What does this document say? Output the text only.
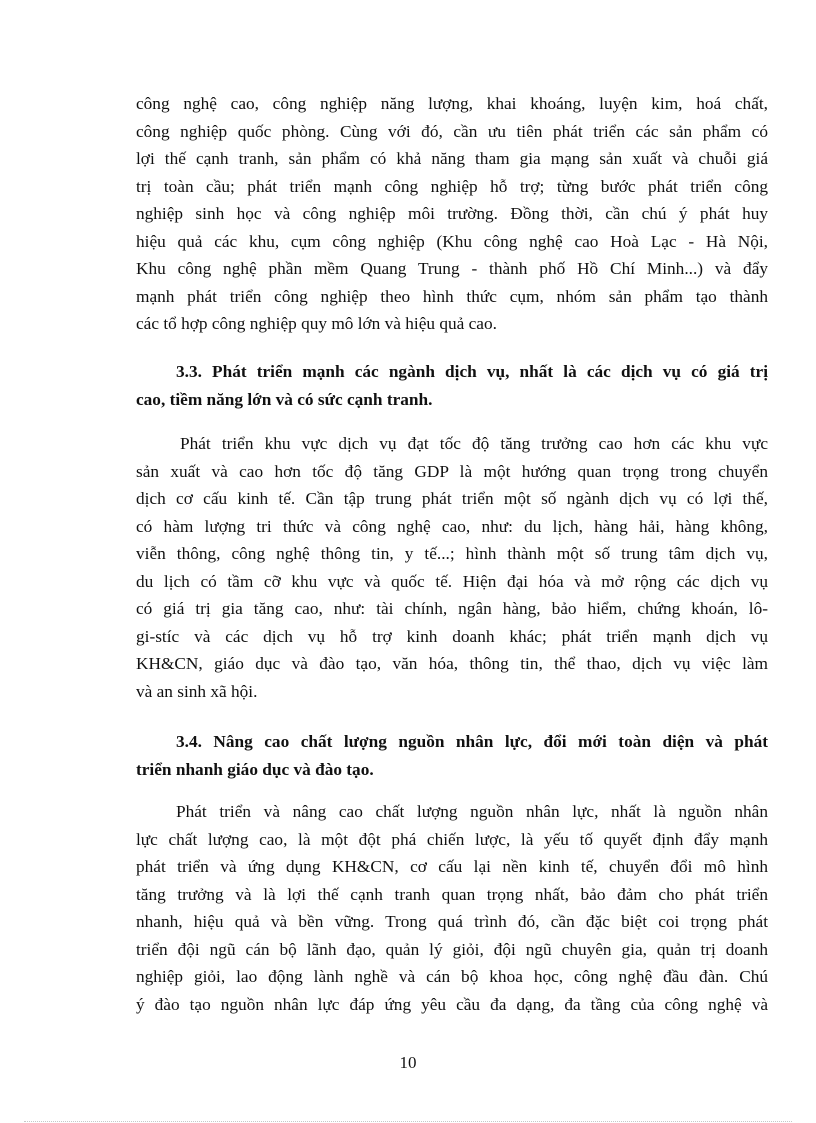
công nghệ cao, công nghiệp năng lượng, khai khoáng, luyện kim, hoá chất,
công nghiệp quốc phòng. Cùng với đó, cần ưu tiên phát triển các sản phẩm có
lợi thế cạnh tranh, sản phẩm có khả năng tham gia mạng sản xuất và chuỗi giá
trị toàn cầu; phát triển mạnh công nghiệp hỗ trợ; từng bước phát triển công
nghiệp sinh học và công nghiệp môi trường. Đồng thời, cần chú ý phát huy
hiệu quả các khu, cụm công nghiệp (Khu công nghệ cao Hoà Lạc - Hà Nội,
Khu công nghệ phần mềm Quang Trung - thành phố Hồ Chí Minh...) và đẩy
mạnh phát triển công nghiệp theo hình thức cụm, nhóm sản phẩm tạo thành
các tổ hợp công nghiệp quy mô lớn và hiệu quả cao.
3.3. Phát triển mạnh các ngành dịch vụ, nhất là các dịch vụ có giá trị
cao, tiềm năng lớn và có sức cạnh tranh.
Phát triển khu vực dịch vụ đạt tốc độ tăng trưởng cao hơn các khu vực
sản xuất và cao hơn tốc độ tăng GDP là một hướng quan trọng trong chuyển
dịch cơ cấu kinh tế. Cần tập trung phát triển một số ngành dịch vụ có lợi thế,
có hàm lượng tri thức và công nghệ cao, như: du lịch, hàng hải, hàng không,
viễn thông, công nghệ thông tin, y tế...; hình thành một số trung tâm dịch vụ,
du lịch có tầm cỡ khu vực và quốc tế. Hiện đại hóa và mở rộng các dịch vụ
có giá trị gia tăng cao, như: tài chính, ngân hàng, bảo hiểm, chứng khoán, lô-
gi-stíc và các dịch vụ hỗ trợ kinh doanh khác; phát triển mạnh dịch vụ
KH&CN, giáo dục và đào tạo, văn hóa, thông tin, thể thao, dịch vụ việc làm
và an sinh xã hội.
3.4. Nâng cao chất lượng nguồn nhân lực, đổi mới toàn diện và phát
triển nhanh giáo dục và đào tạo.
Phát triển và nâng cao chất lượng nguồn nhân lực, nhất là nguồn nhân
lực chất lượng cao, là một đột phá chiến lược, là yếu tố quyết định đẩy mạnh
phát triển và ứng dụng KH&CN, cơ cấu lại nền kinh tế, chuyển đổi mô hình
tăng trưởng và là lợi thế cạnh tranh quan trọng nhất, bảo đảm cho phát triển
nhanh, hiệu quả và bền vững. Trong quá trình đó, cần đặc biệt coi trọng phát
triển đội ngũ cán bộ lãnh đạo, quản lý giỏi, đội ngũ chuyên gia, quản trị doanh
nghiệp giỏi, lao động lành nghề và cán bộ khoa học, công nghệ đầu đàn. Chú
ý đào tạo nguồn nhân lực đáp ứng yêu cầu đa dạng, đa tầng của công nghệ và
10
